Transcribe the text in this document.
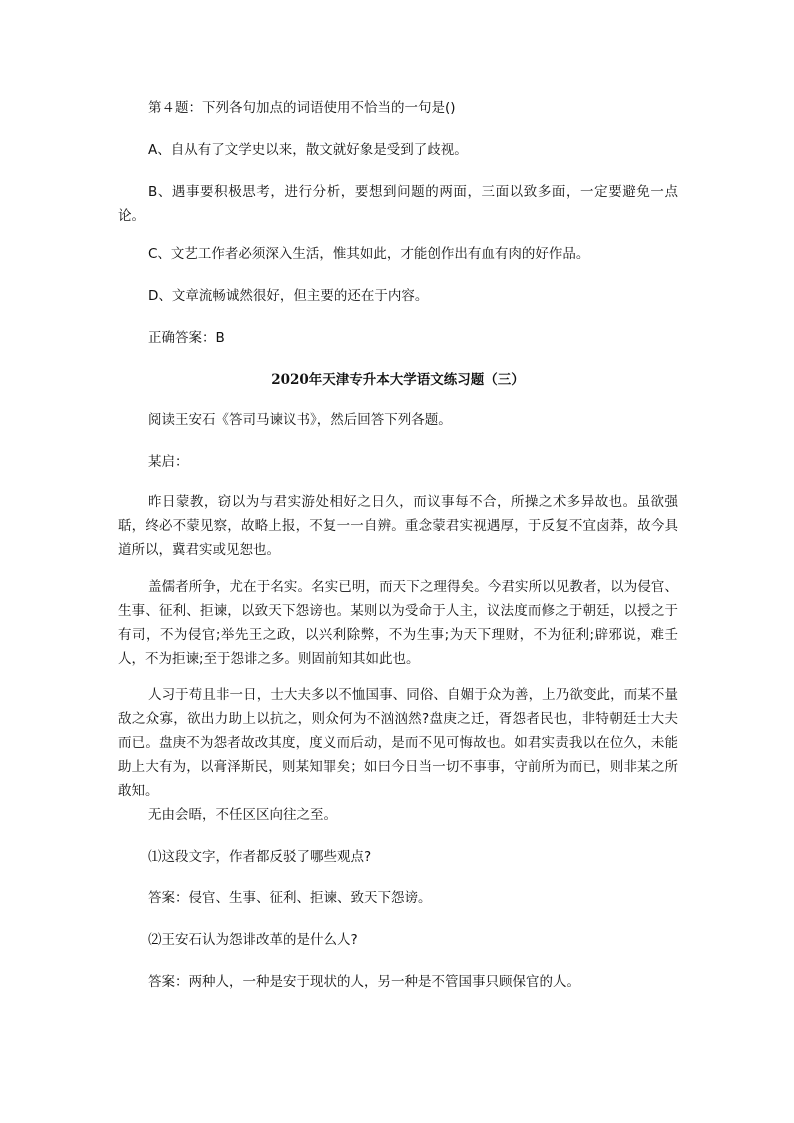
第４题：下列各句加点的词语使用不恰当的一句是()

A、自从有了文学史以来，散文就好象是受到了歧视。

B、遇事要积极思考，进行分析，要想到问题的两面，三面以致多面，一定要避免一点论。

C、文艺工作者必须深入生活，惟其如此，才能创作出有血有肉的好作品。

D、文章流畅诚然很好，但主要的还在于内容。

正确答案：B

2020年天津专升本大学语文练习题（三）

阅读王安石《答司马谏议书》，然后回答下列各题。

某启：

昨日蒙教，窃以为与君实游处相好之日久，而议事每不合，所操之术多异故也。虽欲强聒，终必不蒙见察，故略上报，不复一一自辨。重念蒙君实视遇厚，于反复不宜卤莽，故今具道所以，冀君实或见恕也。

盖儒者所争，尤在于名实。名实已明，而天下之理得矣。今君实所以见教者，以为侵官、生事、征利、拒谏，以致天下怨谤也。某则以为受命于人主，议法度而修之于朝廷，以授之于有司，不为侵官;举先王之政，以兴利除弊，不为生事;为天下理财，不为征利;辟邪说，难壬人，不为拒谏;至于怨诽之多。则固前知其如此也。

人习于苟且非一日，士大夫多以不恤国事、同俗、自媚于众为善，上乃欲变此，而某不量敌之众寡，欲出力助上以抗之，则众何为不汹汹然?盘庚之迁，胥怨者民也，非特朝廷士大夫而已。盘庚不为怨者故改其度，度义而后动，是而不见可悔故也。如君实责我以在位久，未能助上大有为，以膏泽斯民，则某知罪矣；如曰今日当一切不事事，守前所为而已，则非某之所敢知。

无由会晤，不任区区向往之至。

⑴这段文字，作者都反驳了哪些观点?

答案：侵官、生事、征利、拒谏、致天下怨谤。

⑵王安石认为怨诽改革的是什么人?

答案：两种人，一种是安于现状的人，另一种是不管国事只顾保官的人。
